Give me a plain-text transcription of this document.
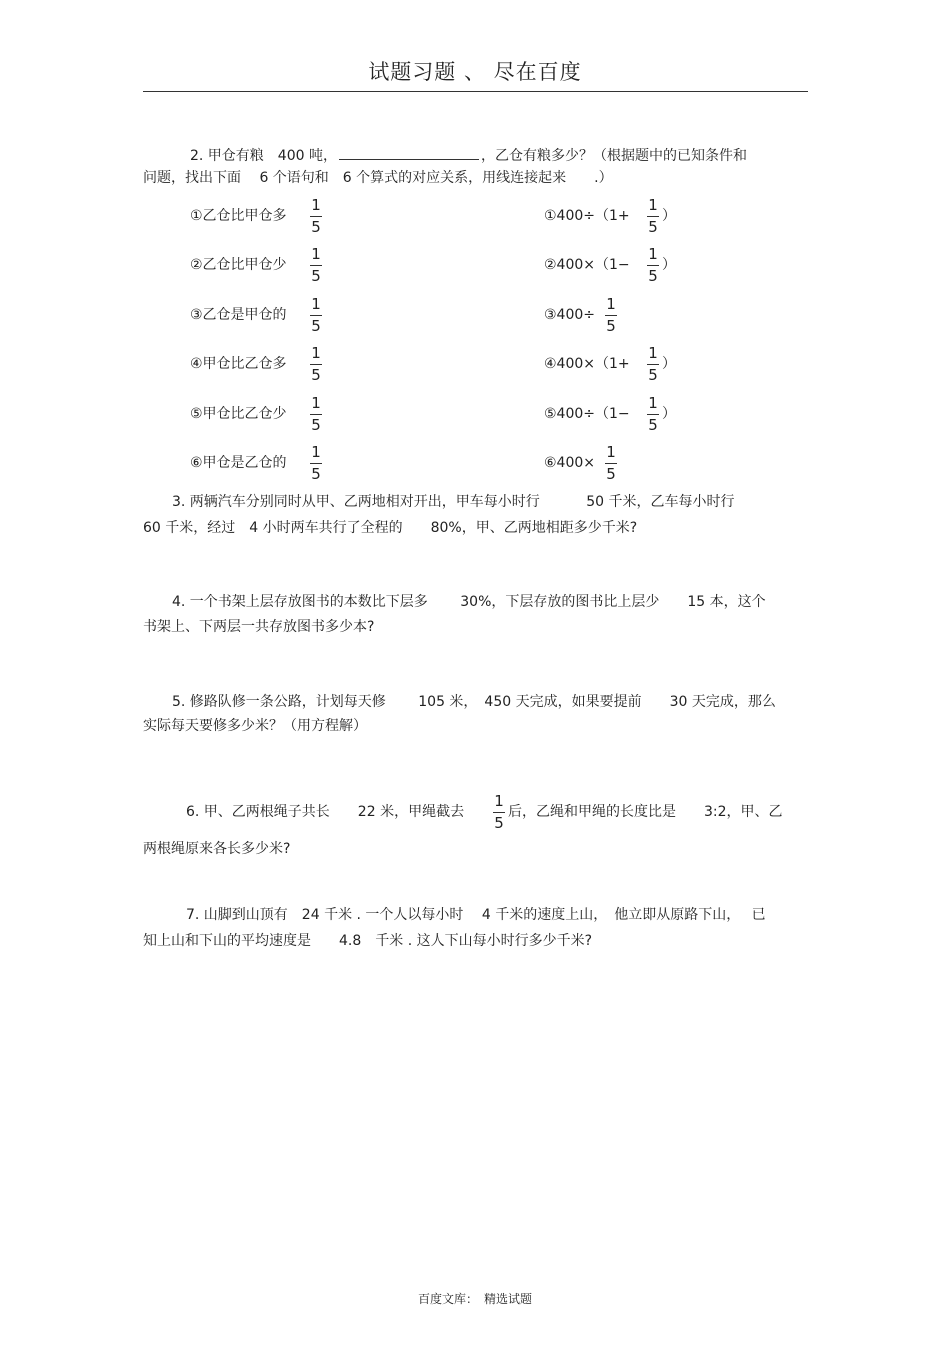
试题习题 、 尽在百度
2. 甲仓有粮　400 吨，	，乙仓有粮多少？（根据题中的已知条件和
问题，找出下面　 6 个语句和　6 个算式的对应关系，用线连接起来　　.）
①乙仓比甲仓多
②乙仓比甲仓少
③乙仓是甲仓的
④甲仓比乙仓多
⑤甲仓比乙仓少
⑥甲仓是乙仓的
1
5
1
5
1
5
1
5
1
5
1
5
①400÷（1+
1
5
）
②400×（1−
1
5
）
③400÷
1
5
④400×（1+
1
5
）
⑤400÷（1−
1
5
）
⑥400×
1
5
3. 两辆汽车分别同时从甲、乙两地相对开出，甲车每小时行　　　 50 千米，乙车每小时行
60 千米，经过　4 小时两车共行了全程的　　80%，甲、乙两地相距多少千米?
4. 一个书架上层存放图书的本数比下层多　　 30%，下层存放的图书比上层少　　15 本，这个
书架上、下两层一共存放图书多少本?
5. 修路队修一条公路，计划每天修　　 105 米，　450 天完成，如果要提前　　30 天完成，那么
实际每天要修多少米？（用方程解）
6. 甲、乙两根绳子共长　　22 米，甲绳截去
1
5
后，乙绳和甲绳的长度比是　　3:2，甲、乙
两根绳原来各长多少米?
7. 山脚到山顶有　24 千米 . 一个人以每小时　 4 千米的速度上山，　他立即从原路下山，　 已
知上山和下山的平均速度是　　4.8　千米 . 这人下山每小时行多少千米?
百度文库：　精选试题
